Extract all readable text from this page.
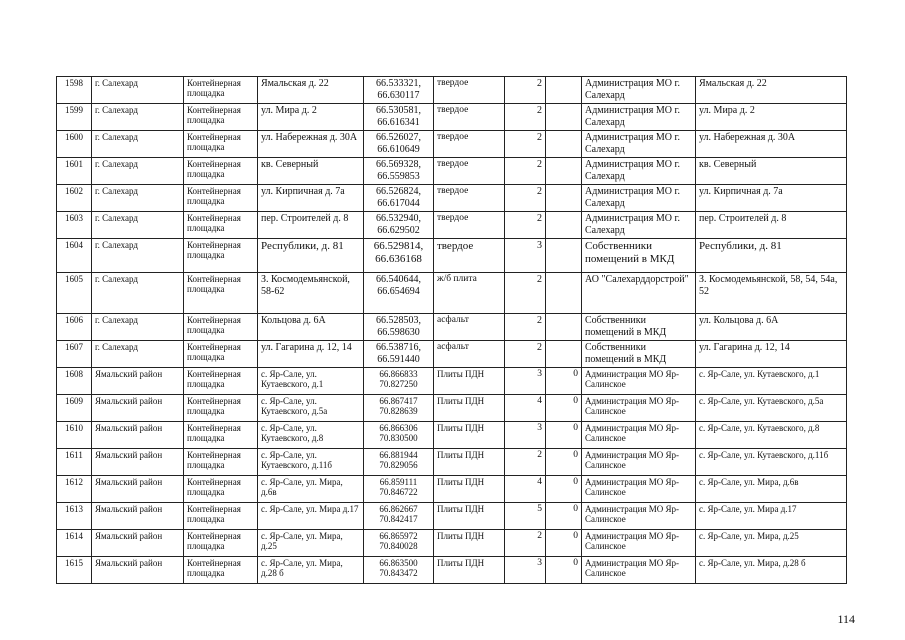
1598	г. Салехард	Контейнерная площадка	Ямальская д. 22	66.533321, 66.630117	твердое	2		Администрация МО г. Салехард	Ямальская д. 22
1599	г. Салехард	Контейнерная площадка	ул. Мира д. 2	66.530581, 66.616341	твердое	2		Администрация МО г. Салехард	ул. Мира д. 2
1600	г. Салехард	Контейнерная площадка	ул. Набережная д. 30А	66.526027, 66.610649	твердое	2		Администрация МО г. Салехард	ул. Набережная д. 30А
1601	г. Салехард	Контейнерная площадка	кв. Северный	66.569328, 66.559853	твердое	2		Администрация МО г. Салехард	кв. Северный
1602	г. Салехард	Контейнерная площадка	ул. Кирпичная д. 7а	66.526824, 66.617044	твердое	2		Администрация МО г. Салехард	ул. Кирпичная д. 7а
1603	г. Салехард	Контейнерная площадка	пер. Строителей д. 8	66.532940, 66.629502	твердое	2		Администрация МО г. Салехард	пер. Строителей д. 8
1604	г. Салехард	Контейнерная площадка	Республики, д. 81	66.529814, 66.636168	твердое	3		Собственники помещений в МКД	Республики, д. 81
1605	г. Салехард	Контейнерная площадка	З. Космодемьянской, 58-62	66.540644, 66.654694	ж/б плита	2		АО "Салехарддорстрой"	З. Космодемьянской, 58, 54, 54а, 52
1606	г. Салехард	Контейнерная площадка	Кольцова д. 6А	66.528503, 66.598630	асфальт	2		Собственники помещений в МКД	ул. Кольцова д. 6А
1607	г. Салехард	Контейнерная площадка	ул. Гагарина д. 12, 14	66.538716, 66.591440	асфальт	2		Собственники помещений в МКД	ул. Гагарина д. 12, 14
1608	Ямальский район	Контейнерная площадка	с. Яр-Сале, ул. Кутаевского, д.1	66.866833 70.827250	Плиты ПДН	3	0	Администрация МО Яр-Салинское	с. Яр-Сале, ул. Кутаевского, д.1
1609	Ямальский район	Контейнерная площадка	с. Яр-Сале, ул. Кутаевского, д.5а	66.867417 70.828639	Плиты ПДН	4	0	Администрация МО Яр-Салинское	с. Яр-Сале, ул. Кутаевского, д.5а
1610	Ямальский район	Контейнерная площадка	с. Яр-Сале, ул. Кутаевского, д.8	66.866306 70.830500	Плиты ПДН	3	0	Администрация МО Яр-Салинское	с. Яр-Сале, ул. Кутаевского, д.8
1611	Ямальский район	Контейнерная площадка	с. Яр-Сале, ул. Кутаевского, д.11б	66.881944 70.829056	Плиты ПДН	2	0	Администрация МО Яр-Салинское	с. Яр-Сале, ул. Кутаевского, д.11б
1612	Ямальский район	Контейнерная площадка	с. Яр-Сале, ул. Мира, д.6в	66.859111 70.846722	Плиты ПДН	4	0	Администрация МО Яр-Салинское	с. Яр-Сале, ул. Мира, д.6в
1613	Ямальский район	Контейнерная площадка	с. Яр-Сале, ул. Мира д.17	66.862667 70.842417	Плиты ПДН	5	0	Администрация МО Яр-Салинское	с. Яр-Сале, ул. Мира д.17
1614	Ямальский район	Контейнерная площадка	с. Яр-Сале, ул. Мира, д.25	66.865972 70.840028	Плиты ПДН	2	0	Администрация МО Яр-Салинское	с. Яр-Сале, ул. Мира, д.25
1615	Ямальский район	Контейнерная площадка	с. Яр-Сале, ул. Мира, д.28 б	66.863500 70.843472	Плиты ПДН	3	0	Администрация МО Яр-Салинское	с. Яр-Сале, ул. Мира, д.28 б
114
